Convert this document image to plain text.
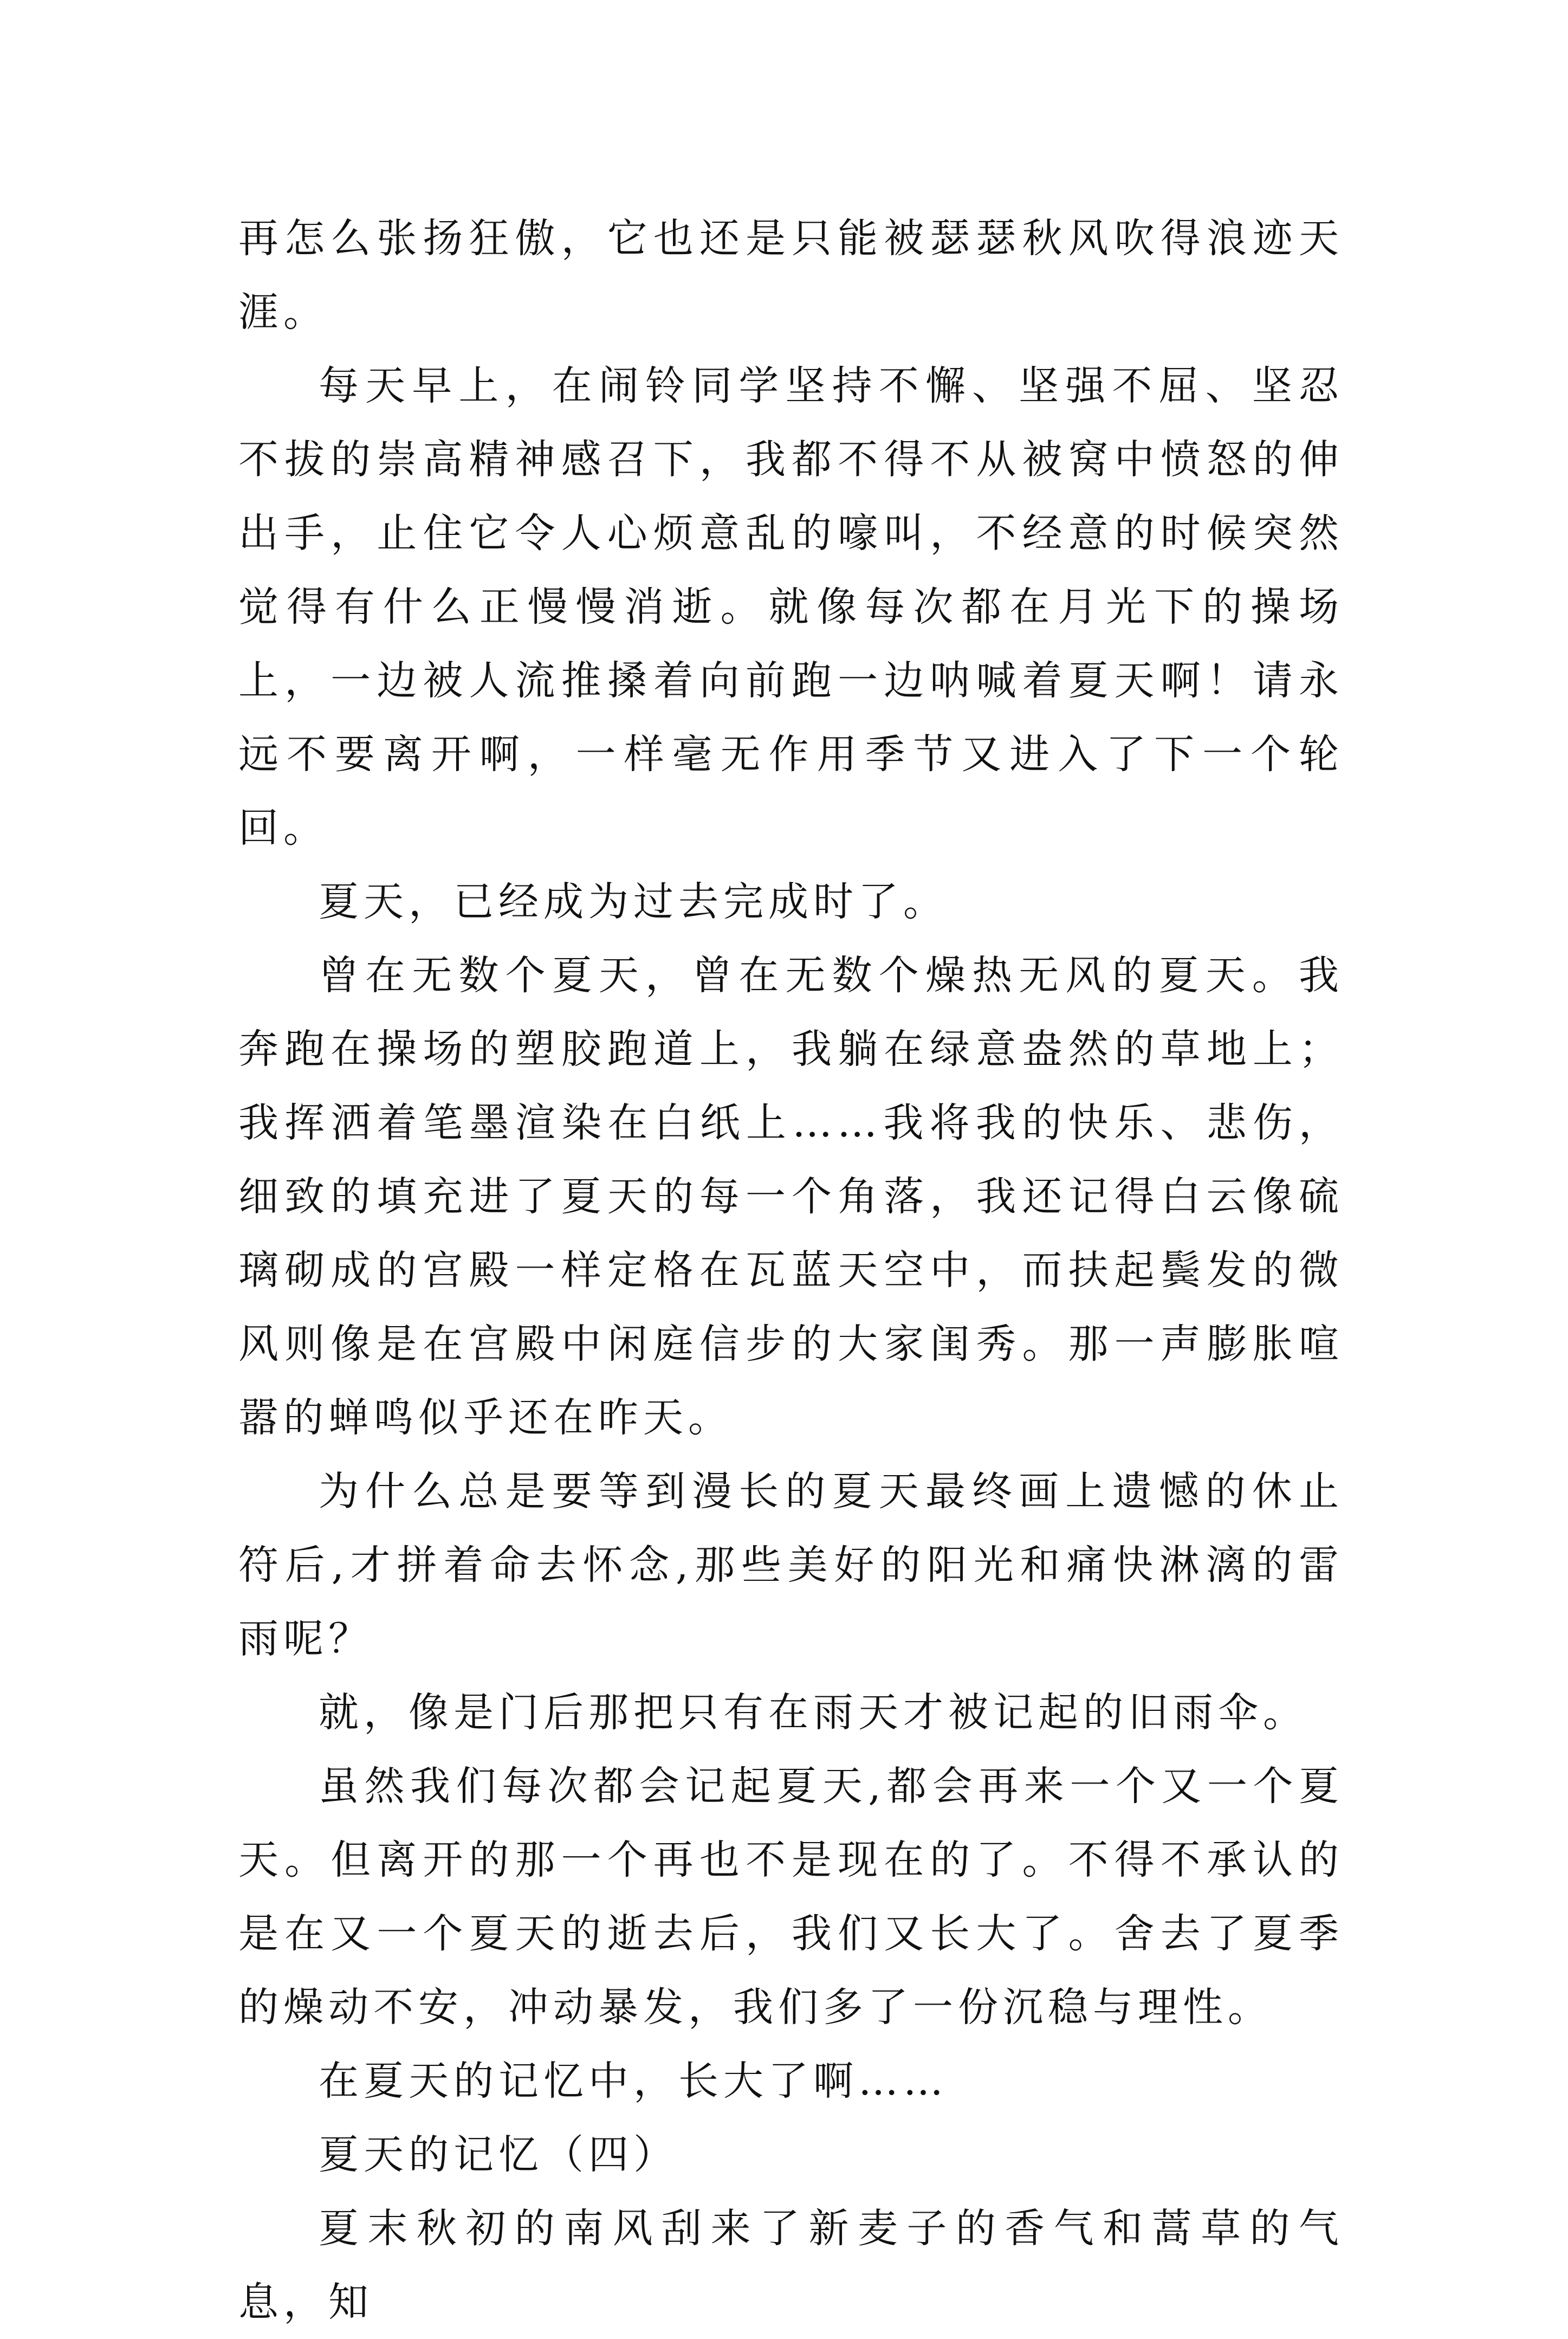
再怎么张扬狂傲，它也还是只能被瑟瑟秋风吹得浪迹天涯。

每天早上，在闹铃同学坚持不懈、坚强不屈、坚忍不拔的崇高精神感召下，我都不得不从被窝中愤怒的伸出手，止住它令人心烦意乱的嚎叫，不经意的时候突然觉得有什么正慢慢消逝。就像每次都在月光下的操场上，一边被人流推搡着向前跑一边呐喊着夏天啊！请永远不要离开啊，一样毫无作用季节又进入了下一个轮回。

夏天，已经成为过去完成时了。

曾在无数个夏天，曾在无数个燥热无风的夏天。我奔跑在操场的塑胶跑道上，我躺在绿意盎然的草地上；我挥洒着笔墨渲染在白纸上……我将我的快乐、悲伤，细致的填充进了夏天的每一个角落，我还记得白云像硫璃砌成的宫殿一样定格在瓦蓝天空中，而扶起鬓发的微风则像是在宫殿中闲庭信步的大家闺秀。那一声膨胀喧嚣的蝉鸣似乎还在昨天。

为什么总是要等到漫长的夏天最终画上遗憾的休止符后,才拼着命去怀念,那些美好的阳光和痛快淋漓的雷雨呢？

就，像是门后那把只有在雨天才被记起的旧雨伞。

虽然我们每次都会记起夏天,都会再来一个又一个夏天。但离开的那一个再也不是现在的了。不得不承认的是在又一个夏天的逝去后，我们又长大了。舍去了夏季的燥动不安，冲动暴发，我们多了一份沉稳与理性。

在夏天的记忆中，长大了啊……

夏天的记忆（四）

夏末秋初的南风刮来了新麦子的香气和蒿草的气息，知
